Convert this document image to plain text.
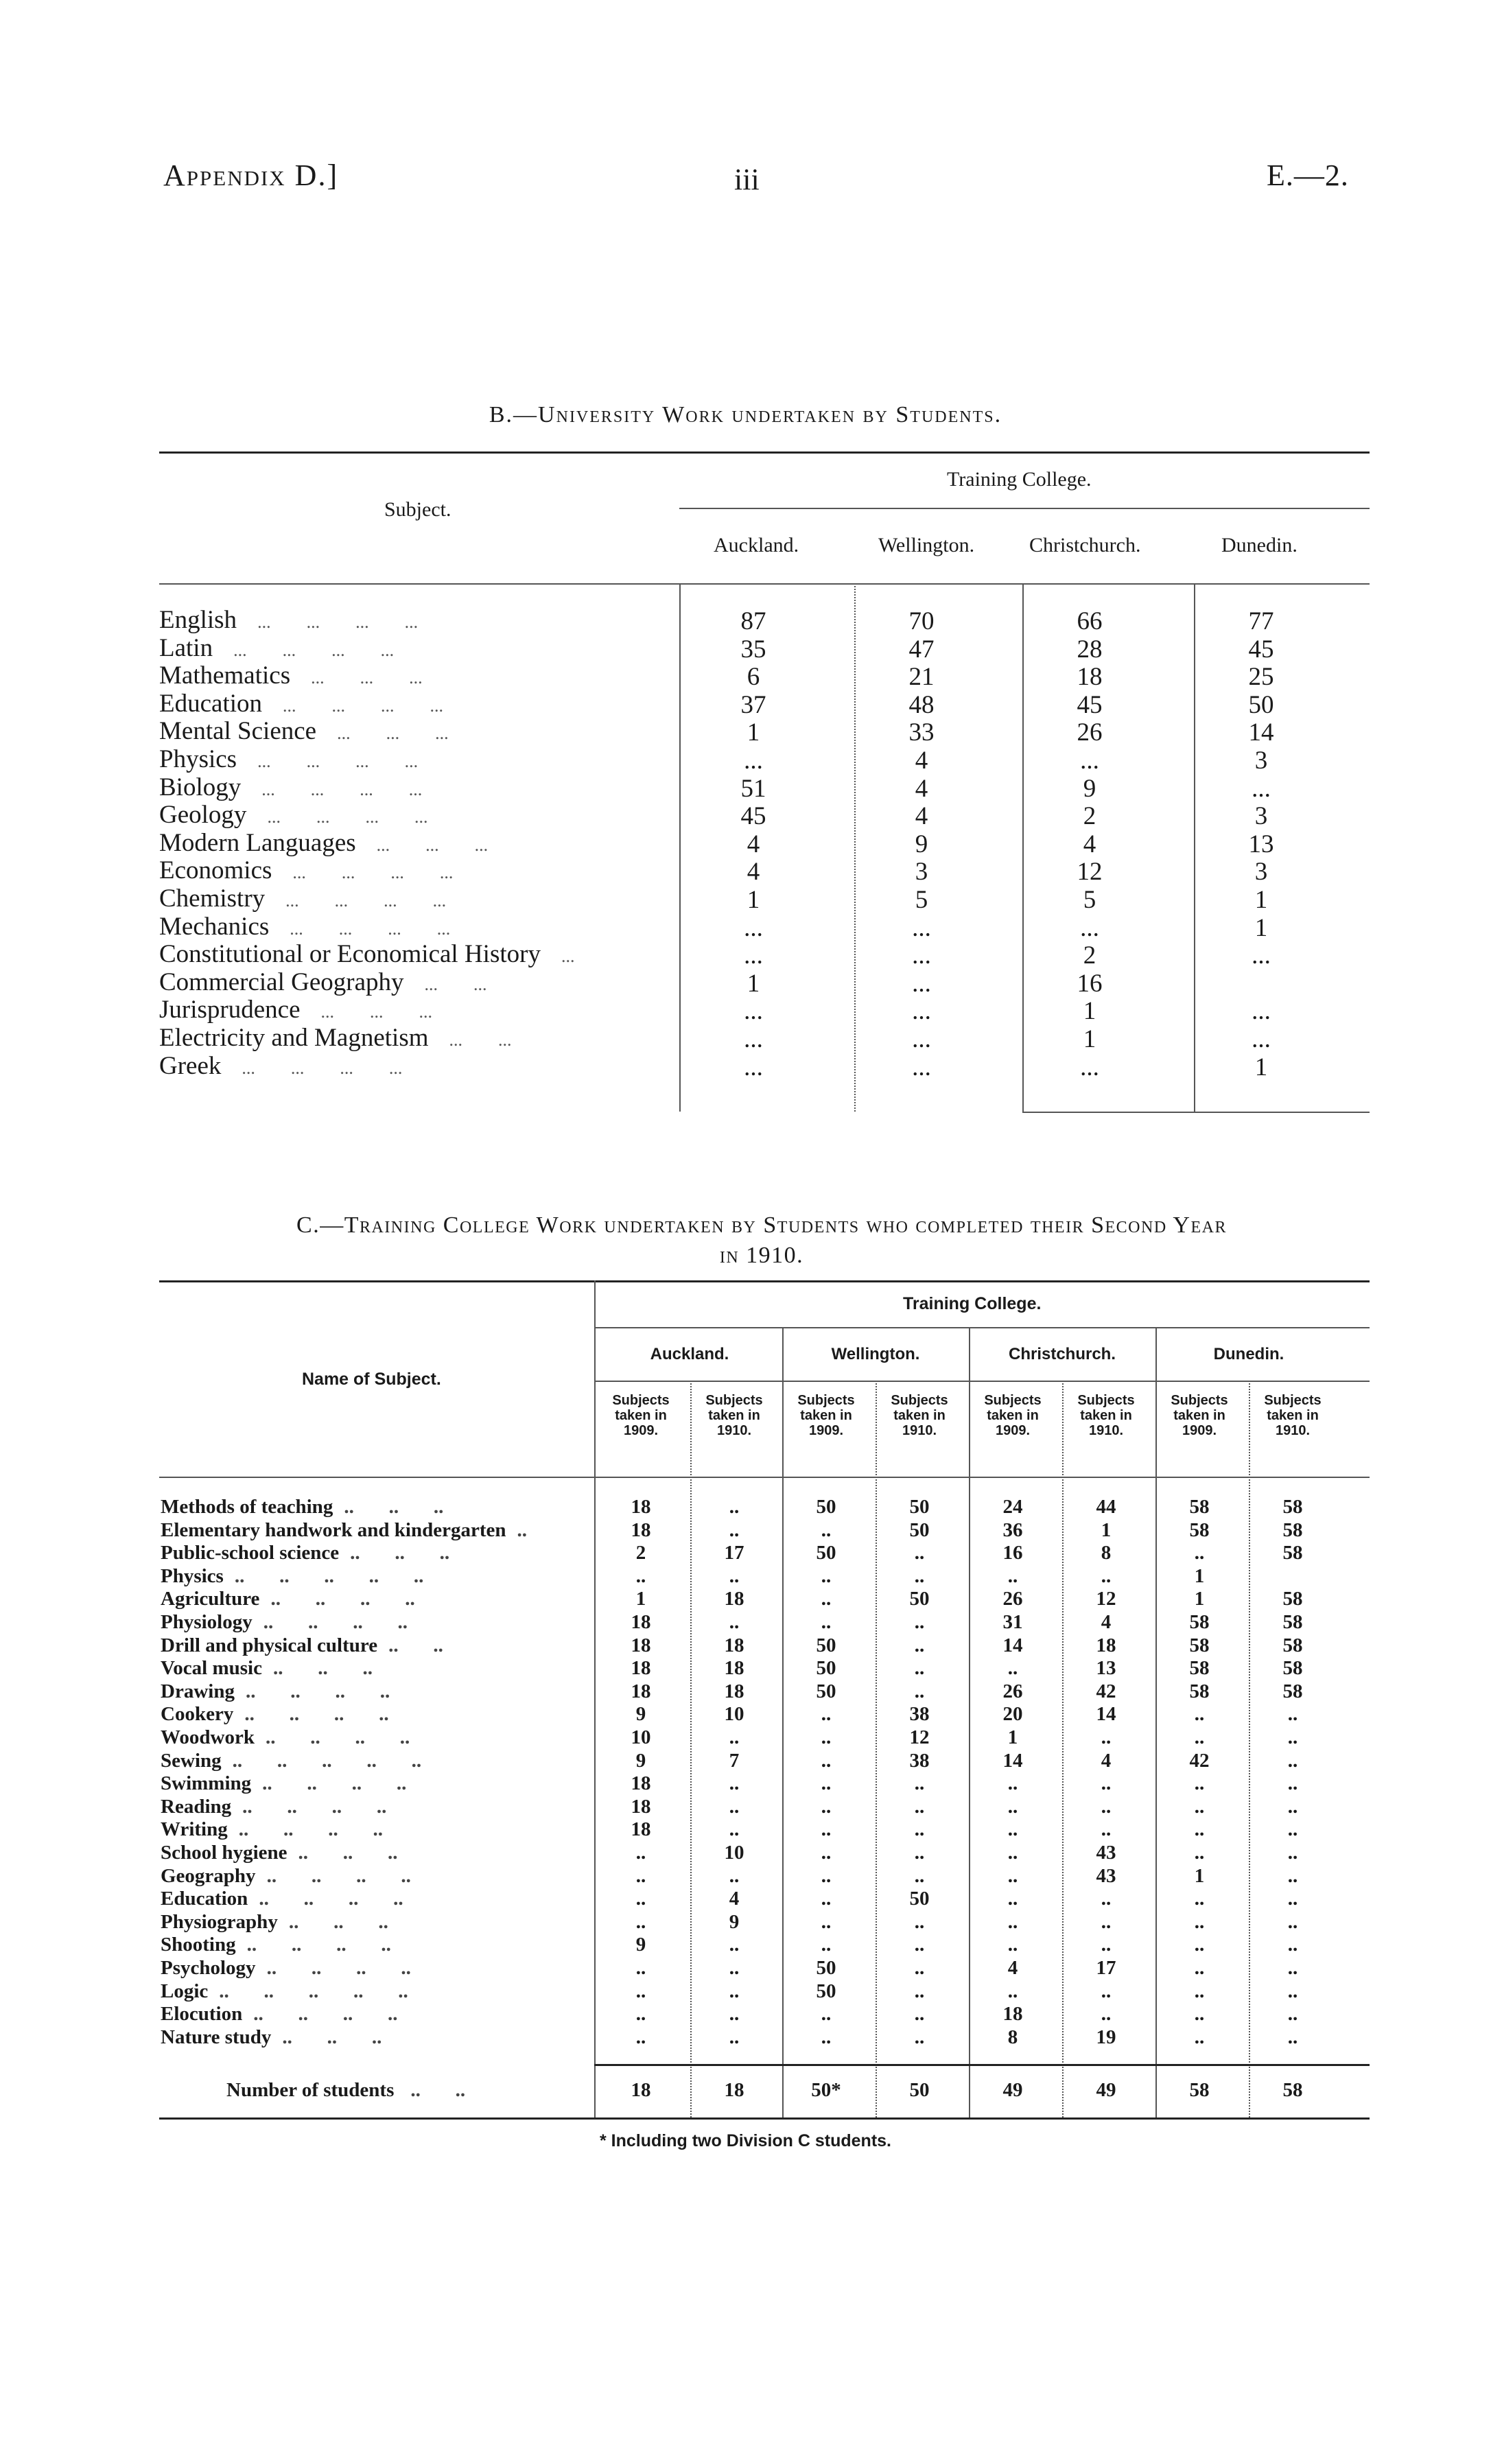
Appendix D.]	iii	E.—2.
B.—University Work undertaken by Students.
Training College.
Subject.
Auckland.	Wellington.	Christchurch.	Dunedin.
English ...        ...        ...        ...	87	70	66	77
Latin ...        ...        ...        ...	35	47	28	45
Mathematics ...        ...        ...	6	21	18	25
Education ...        ...        ...        ...	37	48	45	50
Mental Science ...        ...        ...	1	33	26	14
Physics ...        ...        ...        ...	...	4	...	3
Biology ...        ...        ...        ...	51	4	9	...
Geology ...        ...        ...        ...	45	4	2	3
Modern Languages ...        ...        ...	4	9	4	13
Economics ...        ...        ...        ...	4	3	12	3
Chemistry ...        ...        ...        ...	1	5	5	1
Mechanics ...        ...        ...        ...	...	...	...	1
Constitutional or Economical History ...	...	...	2	...
Commercial Geography ...        ...	1	...	16
Jurisprudence ...        ...        ...	...	...	1	...
Electricity and Magnetism ...        ...	...	...	1	...
Greek ...        ...        ...        ...	...	...	...	1
C.—Training College Work undertaken by Students who completed their Second Year
in 1910.
Training College.
Name of Subject.
Auckland.	Wellington.	Christchurch.	Dunedin.
Subjects taken in 1909.
Subjects taken in 1910.
Subjects taken in 1909.
Subjects taken in 1910.
Subjects taken in 1909.
Subjects taken in 1910.
Subjects taken in 1909.
Subjects taken in 1910.
Methods of teaching ..       ..       ..	18	..	50	50	24	44	58	58
Elementary handwork and kindergarten ..	18	..	..	50	36	1	58	58
Public-school science ..       ..       ..	2	17	50	..	16	8	..	58
Physics ..       ..       ..       ..       ..	..	..	..	..	..	..	1
Agriculture ..       ..       ..       ..	1	18	..	50	26	12	1	58
Physiology ..       ..       ..       ..	18	..	..	..	31	4	58	58
Drill and physical culture ..       ..	18	18	50	..	14	18	58	58
Vocal music ..       ..       ..	18	18	50	..	..	13	58	58
Drawing ..       ..       ..       ..	18	18	50	..	26	42	58	58
Cookery ..       ..       ..       ..	9	10	..	38	20	14	..	..
Woodwork ..       ..       ..       ..	10	..	..	12	1	..	..	..
Sewing ..       ..       ..       ..       ..	9	7	..	38	14	4	42	..
Swimming ..       ..       ..       ..	18	..	..	..	..	..	..	..
Reading ..       ..       ..       ..	18	..	..	..	..	..	..	..
Writing ..       ..       ..       ..	18	..	..	..	..	..	..	..
School hygiene ..       ..       ..	..	10	..	..	..	43	..	..
Geography ..       ..       ..       ..	..	..	..	..	..	43	1	..
Education ..       ..       ..       ..	..	4	..	50	..	..	..	..
Physiography ..       ..       ..	..	9	..	..	..	..	..	..
Shooting ..       ..       ..       ..	9	..	..	..	..	..	..	..
Psychology ..       ..       ..       ..	..	..	50	..	4	17	..	..
Logic ..       ..       ..       ..       ..	..	..	50	..	..	..	..	..
Elocution ..       ..       ..       ..	..	..	..	..	18	..	..	..
Nature study ..       ..       ..	..	..	..	..	8	19	..	..
Number of students ..       ..	18	18	50*	50	49	49	58	58
* Including two Division C students.
